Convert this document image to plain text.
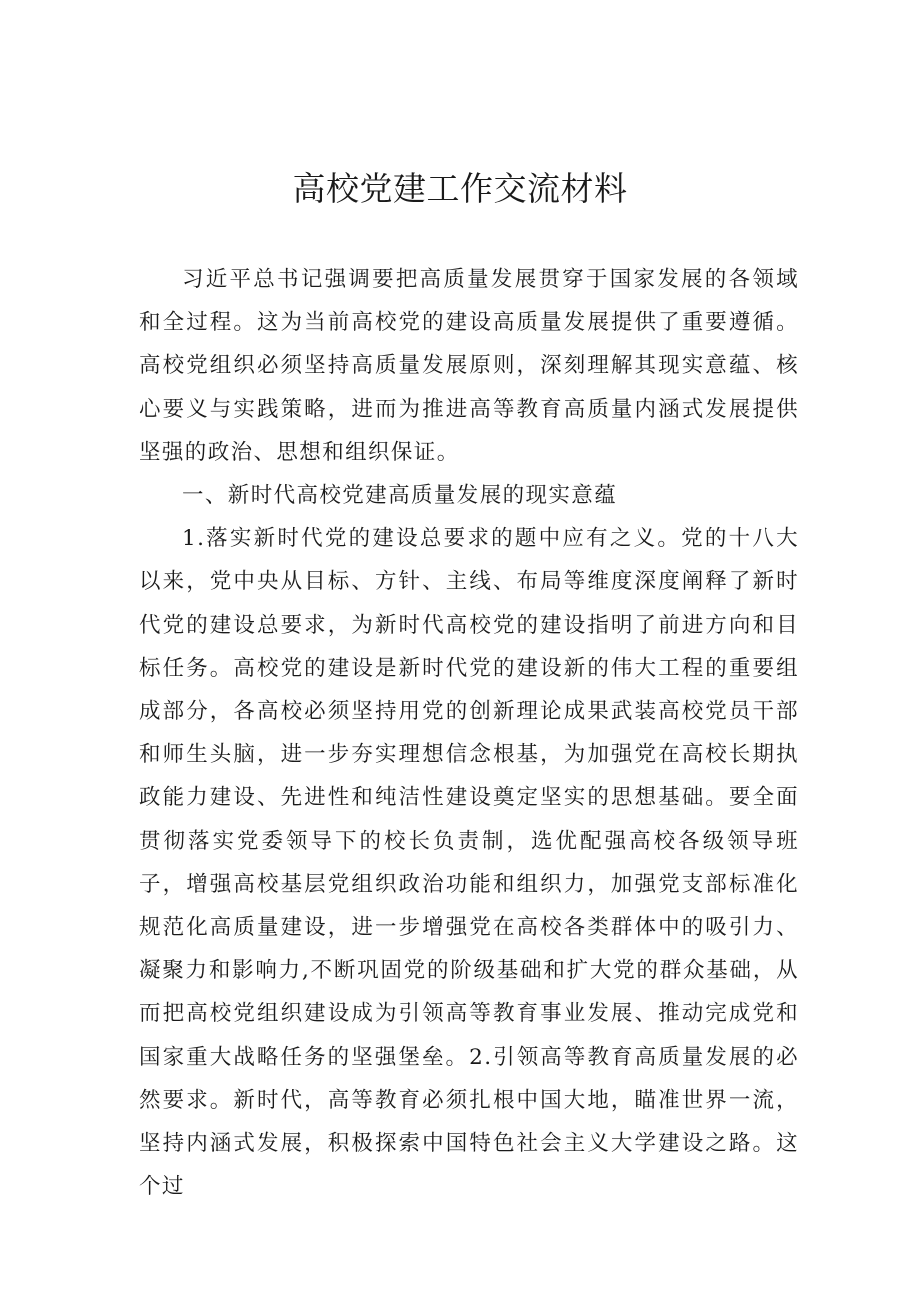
高校党建工作交流材料

习近平总书记强调要把高质量发展贯穿于国家发展的各领域和全过程。这为当前高校党的建设高质量发展提供了重要遵循。高校党组织必须坚持高质量发展原则，深刻理解其现实意蕴、核心要义与实践策略，进而为推进高等教育高质量内涵式发展提供坚强的政治、思想和组织保证。

一、新时代高校党建高质量发展的现实意蕴

1.落实新时代党的建设总要求的题中应有之义。党的十八大以来，党中央从目标、方针、主线、布局等维度深度阐释了新时代党的建设总要求，为新时代高校党的建设指明了前进方向和目标任务。高校党的建设是新时代党的建设新的伟大工程的重要组成部分，各高校必须坚持用党的创新理论成果武装高校党员干部和师生头脑，进一步夯实理想信念根基，为加强党在高校长期执政能力建设、先进性和纯洁性建设奠定坚实的思想基础。要全面贯彻落实党委领导下的校长负责制，选优配强高校各级领导班子，增强高校基层党组织政治功能和组织力，加强党支部标准化规范化高质量建设，进一步增强党在高校各类群体中的吸引力、凝聚力和影响力,不断巩固党的阶级基础和扩大党的群众基础，从而把高校党组织建设成为引领高等教育事业发展、推动完成党和国家重大战略任务的坚强堡垒。2.引领高等教育高质量发展的必然要求。新时代，高等教育必须扎根中国大地，瞄准世界一流，坚持内涵式发展，积极探索中国特色社会主义大学建设之路。这个过
